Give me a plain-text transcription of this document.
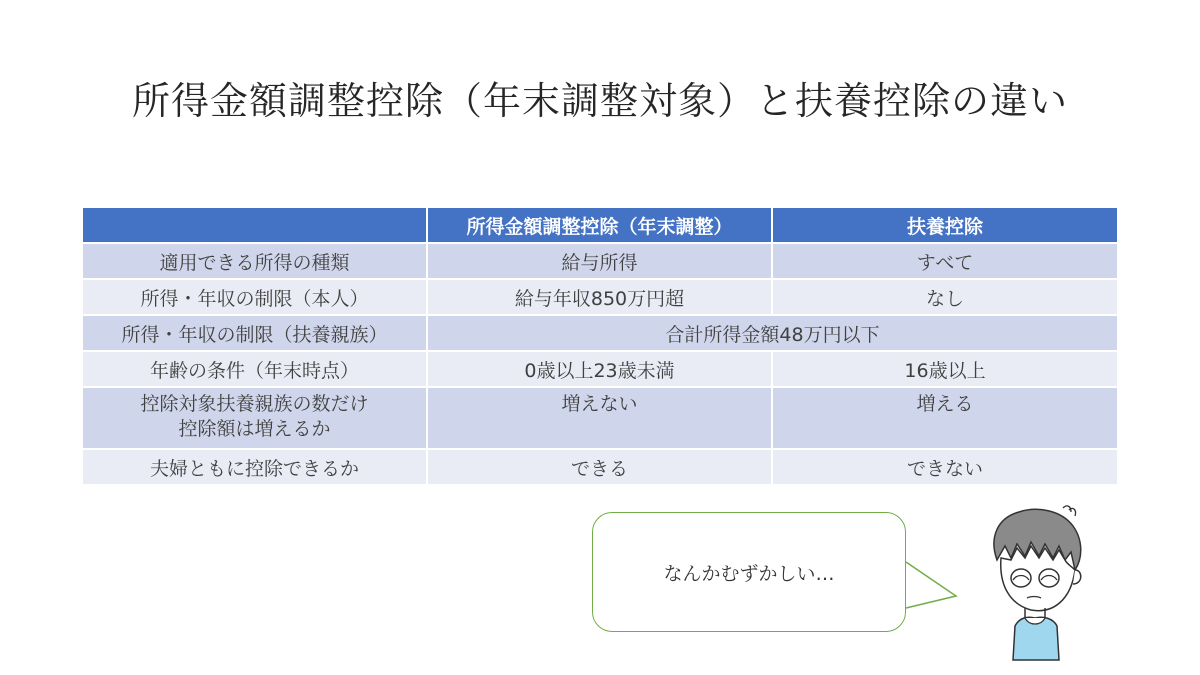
所得金額調整控除（年末調整対象）と扶養控除の違い
	所得金額調整控除（年末調整）	扶養控除
適用できる所得の種類	給与所得	すべて
所得・年収の制限（本人）	給与年収850万円超	なし
所得・年収の制限（扶養親族）	合計所得金額48万円以下	
年齢の条件（年末時点）	0歳以上23歳未満	16歳以上

控除対象扶養親族の数だけ
控除額は増えるか	増えない	増える
夫婦ともに控除できるか	できる	できない
なんかむずかしい…
